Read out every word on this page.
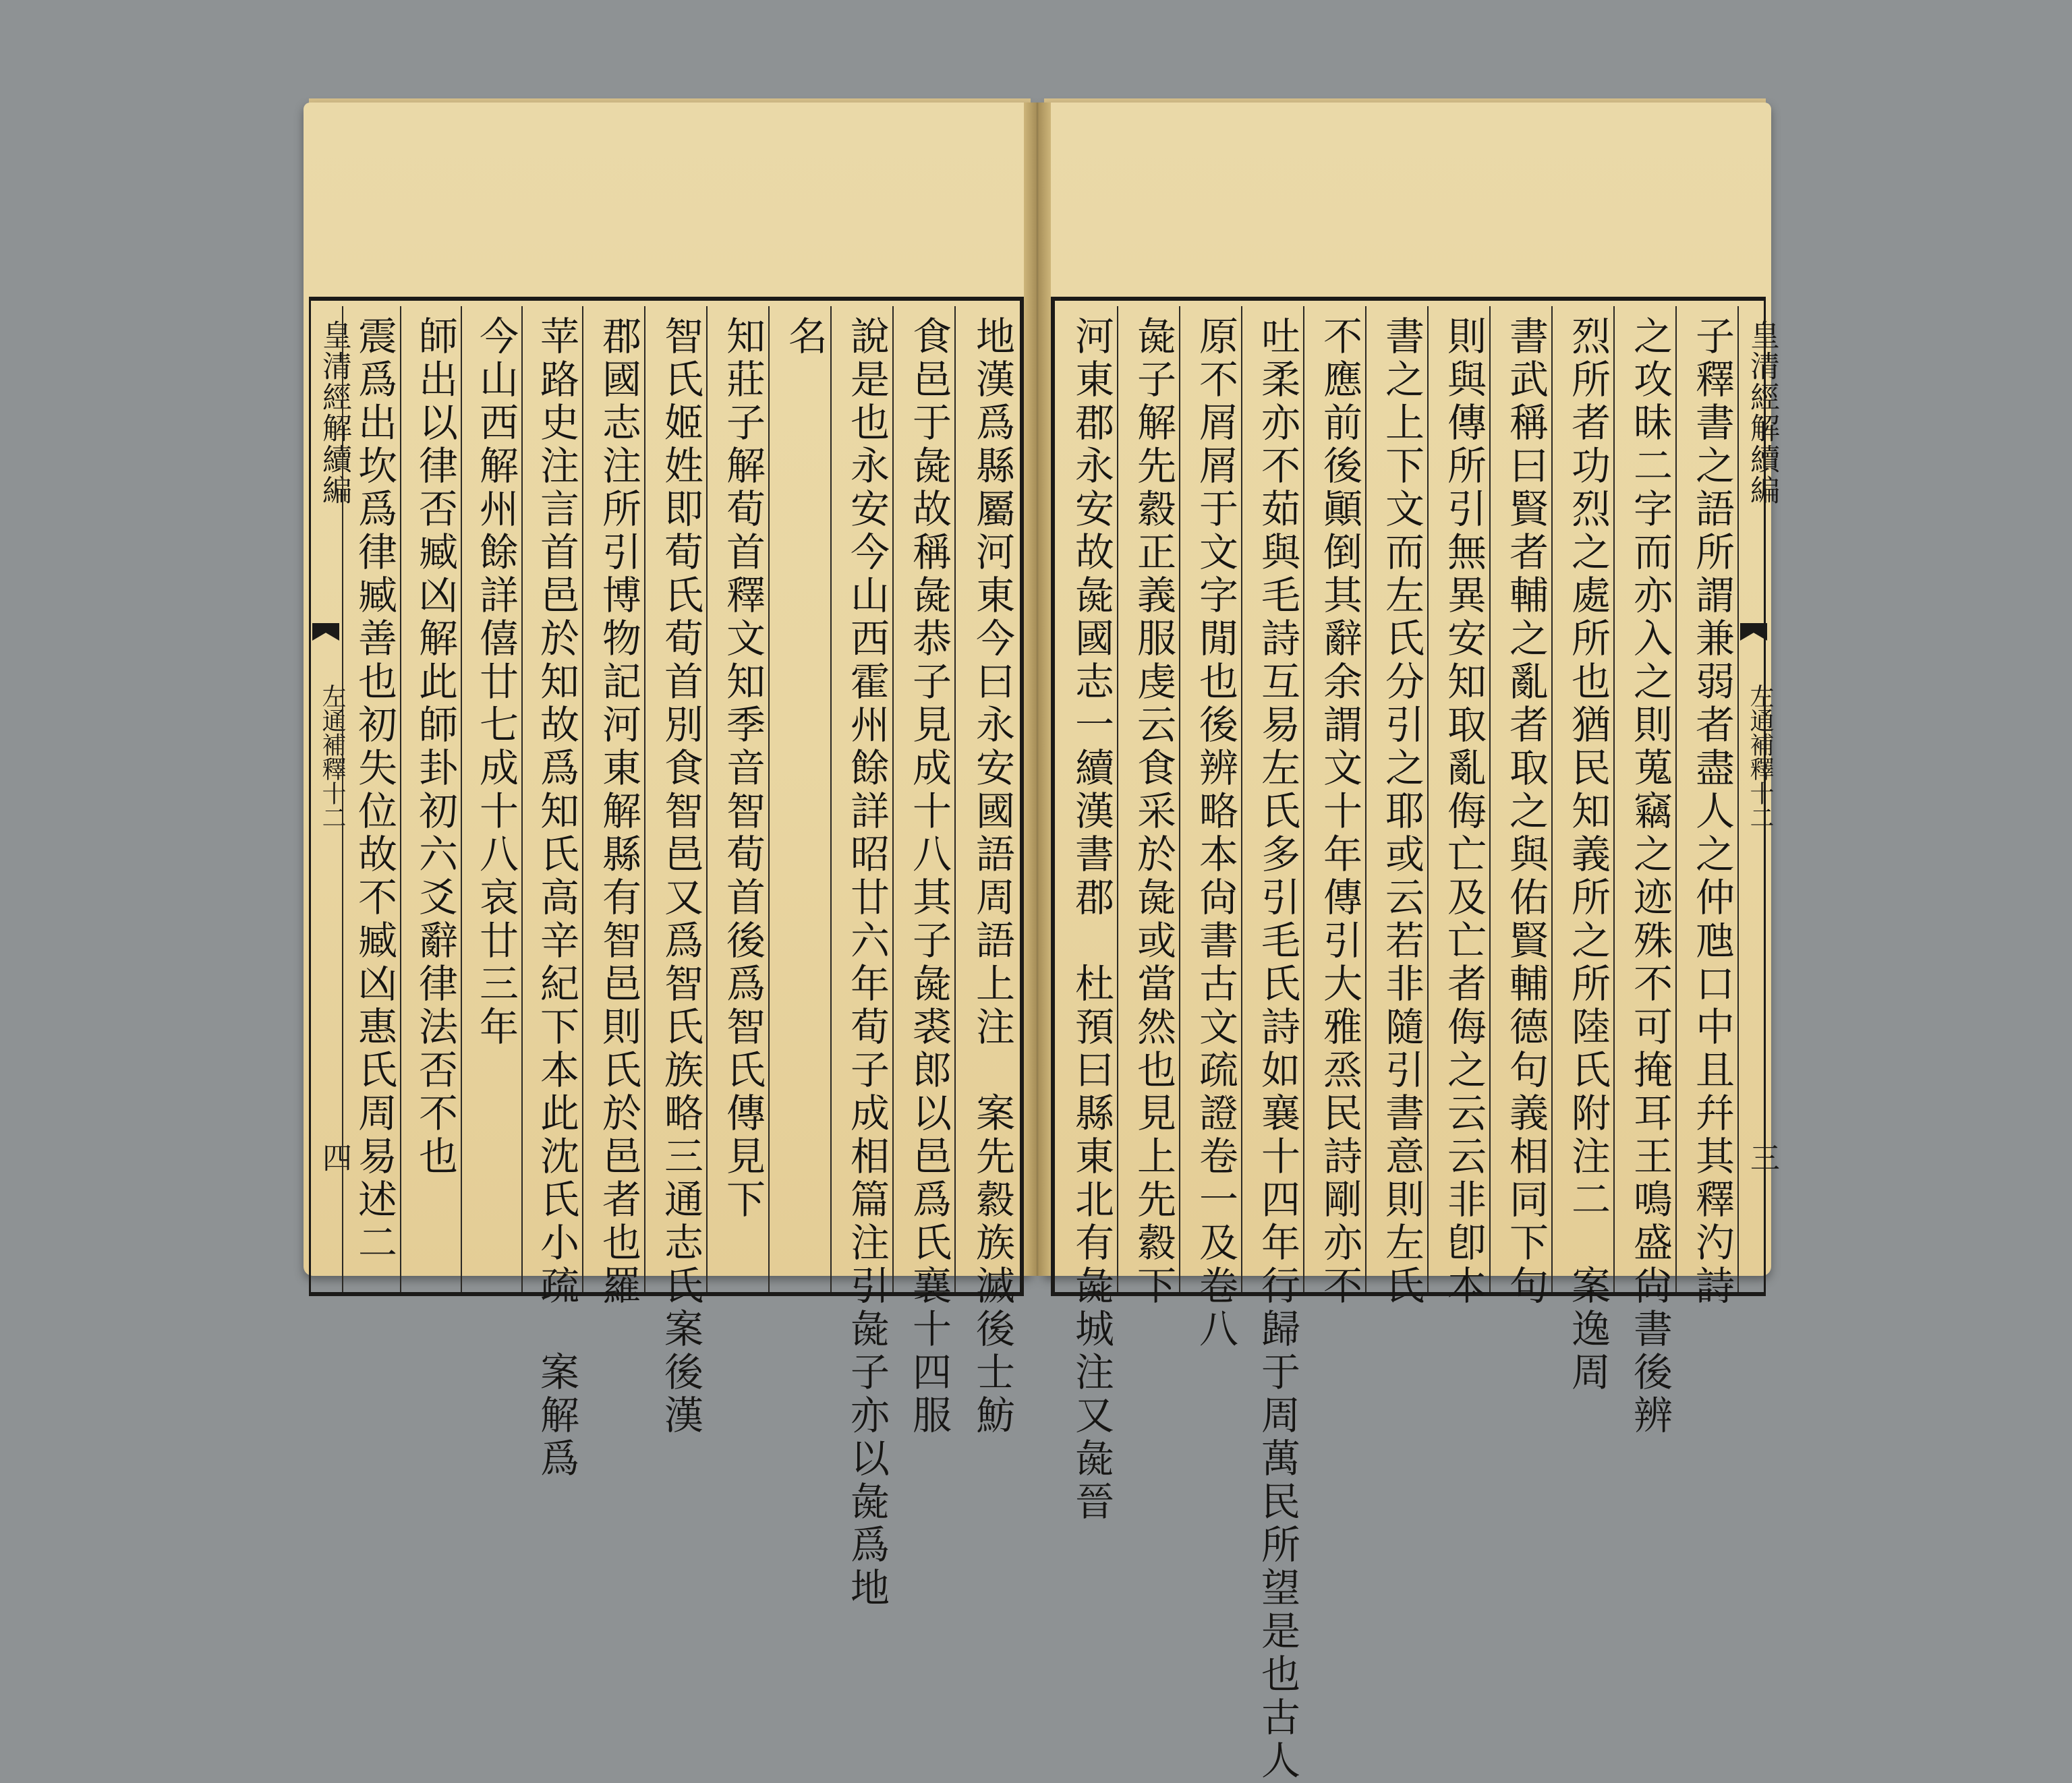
皇清經解續編
左通補釋十二
四 震爲出坎爲律臧善也初失位故不臧凶惠氏周易述二 師出以律否臧凶解此師卦初六爻辭律法否不也 今山西解州餘詳僖廿七成十八哀廿三年 苹路史注言首邑於知故爲知氏高辛紀下本此沈氏小疏　案解爲 郡國志注所引博物記河東解縣有智邑則氏於邑者也羅 智氏姬姓即荀氏荀首別食智邑又爲智氏族略三通志氏案後漢 知莊子解荀首釋文知季音智荀首後爲智氏傳見下 名 說是也永安今山西霍州餘詳昭廿六年荀子成相篇注引彘子亦以彘爲地 食邑于彘故稱彘恭子見成十八其子彘裘郎以邑爲氏襄十四服 地漢爲縣屬河東今曰永安國語周語上注　案先縠族滅後士魴 河東郡永安故彘國志一續漢書郡　杜預曰縣東北有彘城注又彘晉 彘子解先縠正義服虔云食采於彘或當然也見上先縠下 原不屑屑于文字閒也後辨略本尙書古文疏證卷一及卷八 吐柔亦不茹與毛詩互易左氏多引毛氏詩如襄十四年行歸于周萬民所望是也古人 不應前後顚倒其辭余謂文十年傳引大雅烝民詩剛亦不 書之上下文而左氏分引之耶或云若非隨引書意則左氏 則與傳所引無異安知取亂侮亡及亡者侮之云云非卽本 書武稱曰賢者輔之亂者取之與佑賢輔德句義相同下句 烈所者功烈之處所也猶民知義所之所陸氏附注二　案逸周 之攻昧二字而亦入之則蒐竊之迹殊不可掩耳王鳴盛尙書後辨 子釋書之語所謂兼弱者盡人之仲虺口中且幷其釋汋詩 皇清經解續編
左通補釋十二
三
